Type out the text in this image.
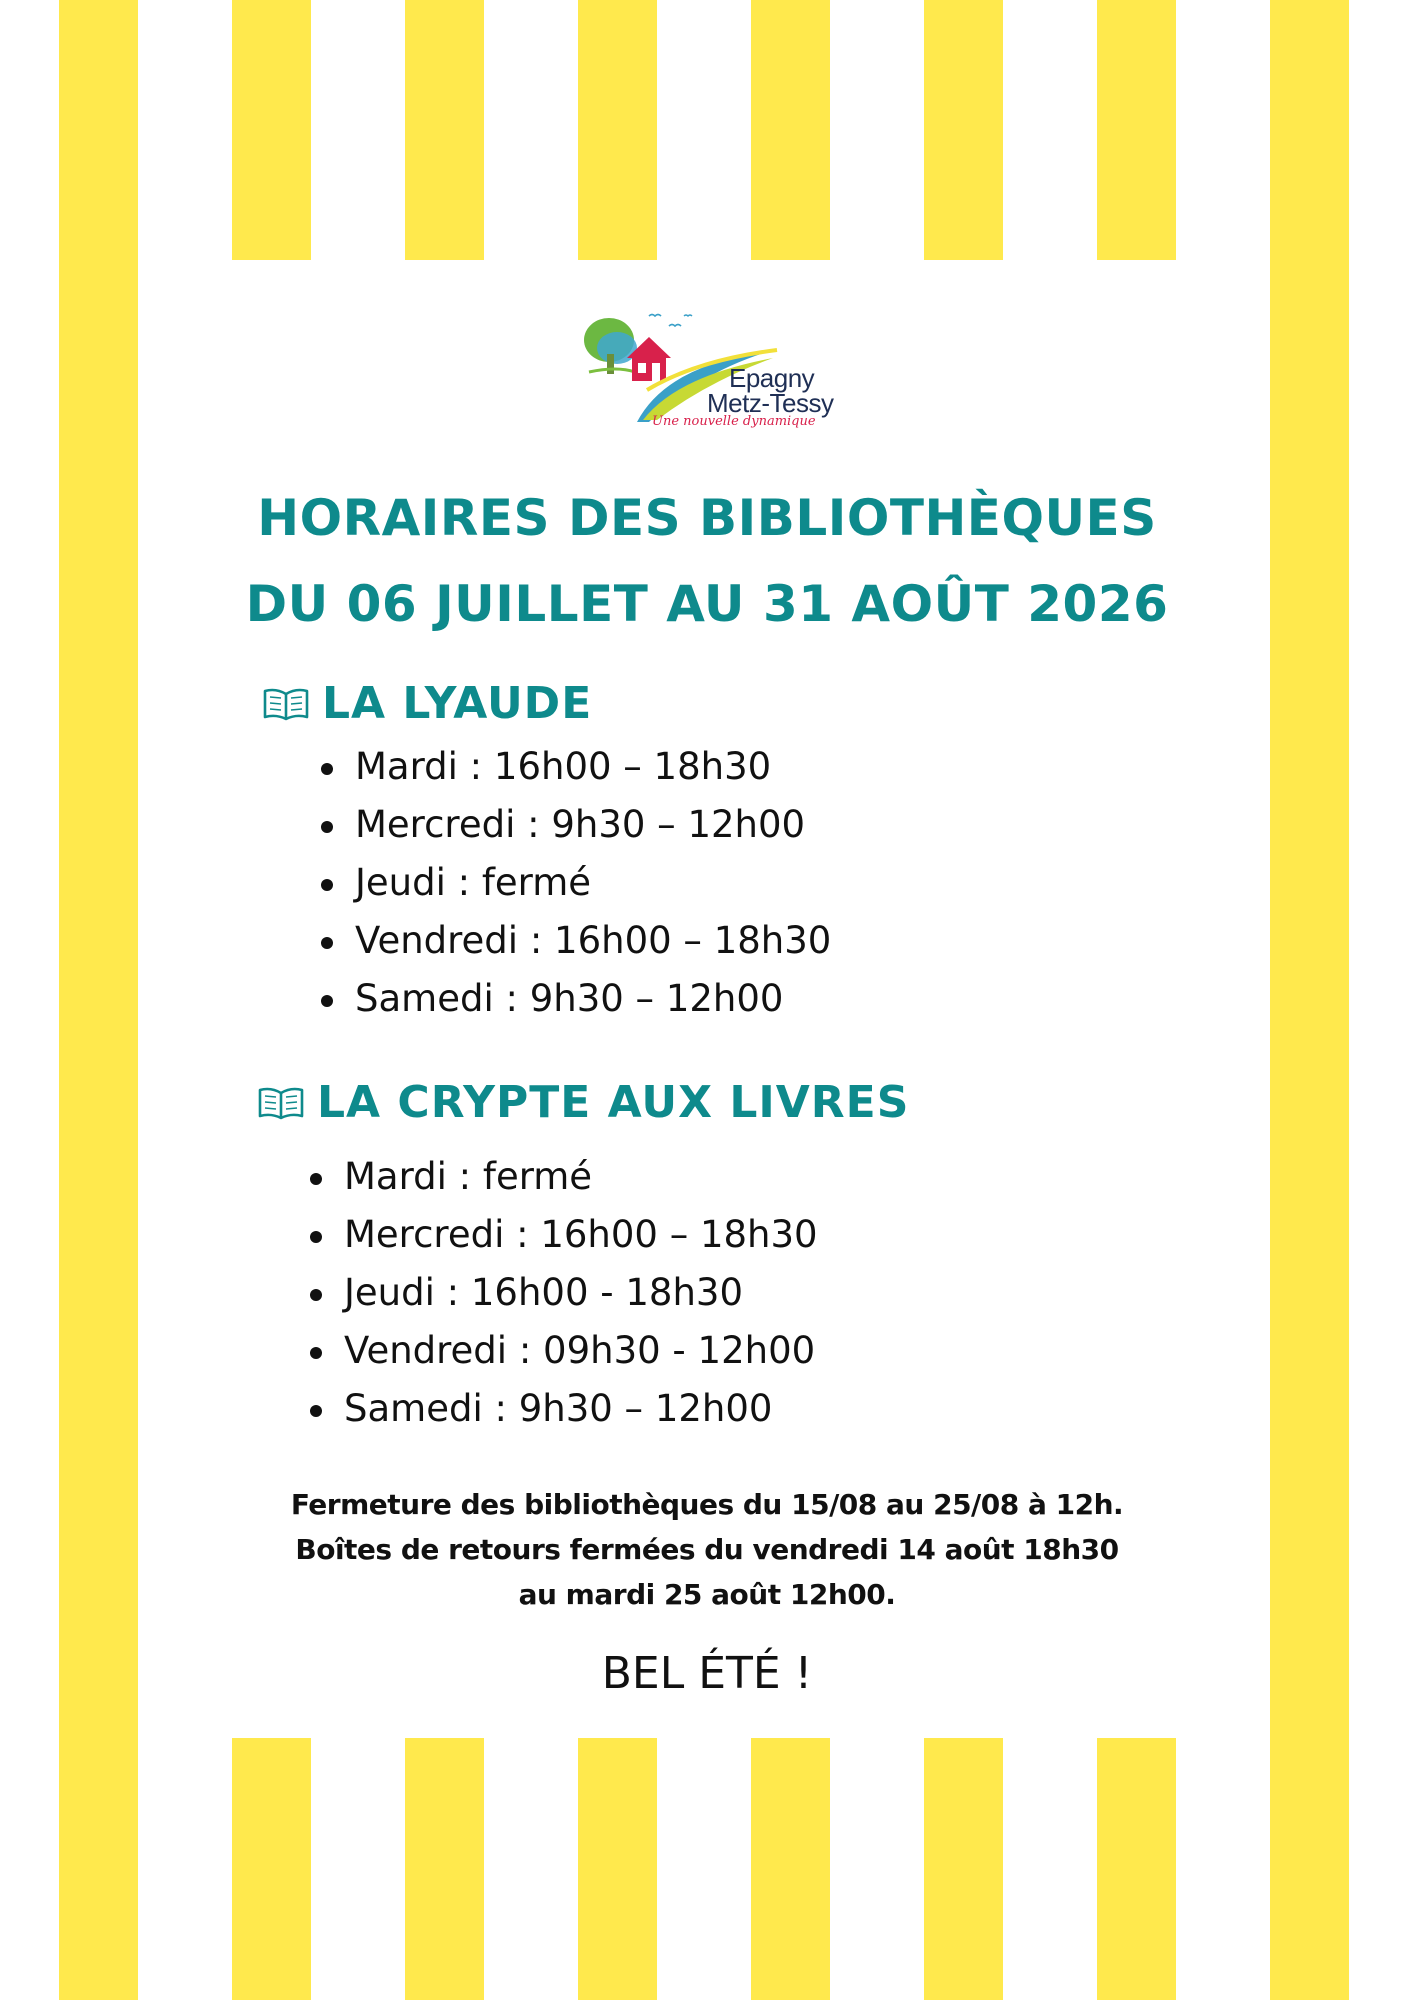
Epagny
Metz-Tessy
Une nouvelle dynamique
HORAIRES DES BIBLIOTHÈQUES
DU 06 JUILLET AU 31 AOÛT 2026
LA LYAUDE
Mardi : 16h00 – 18h30
Mercredi : 9h30 – 12h00
Jeudi : fermé
Vendredi : 16h00 – 18h30
Samedi : 9h30 – 12h00
LA CRYPTE AUX LIVRES
Mardi : fermé
Mercredi : 16h00 – 18h30
Jeudi : 16h00 - 18h30
Vendredi : 09h30 - 12h00
Samedi : 9h30 – 12h00
Fermeture des bibliothèques du 15/08 au 25/08 à 12h.
Boîtes de retours fermées du vendredi 14 août 18h30
au mardi 25 août 12h00.
BEL ÉTÉ !
